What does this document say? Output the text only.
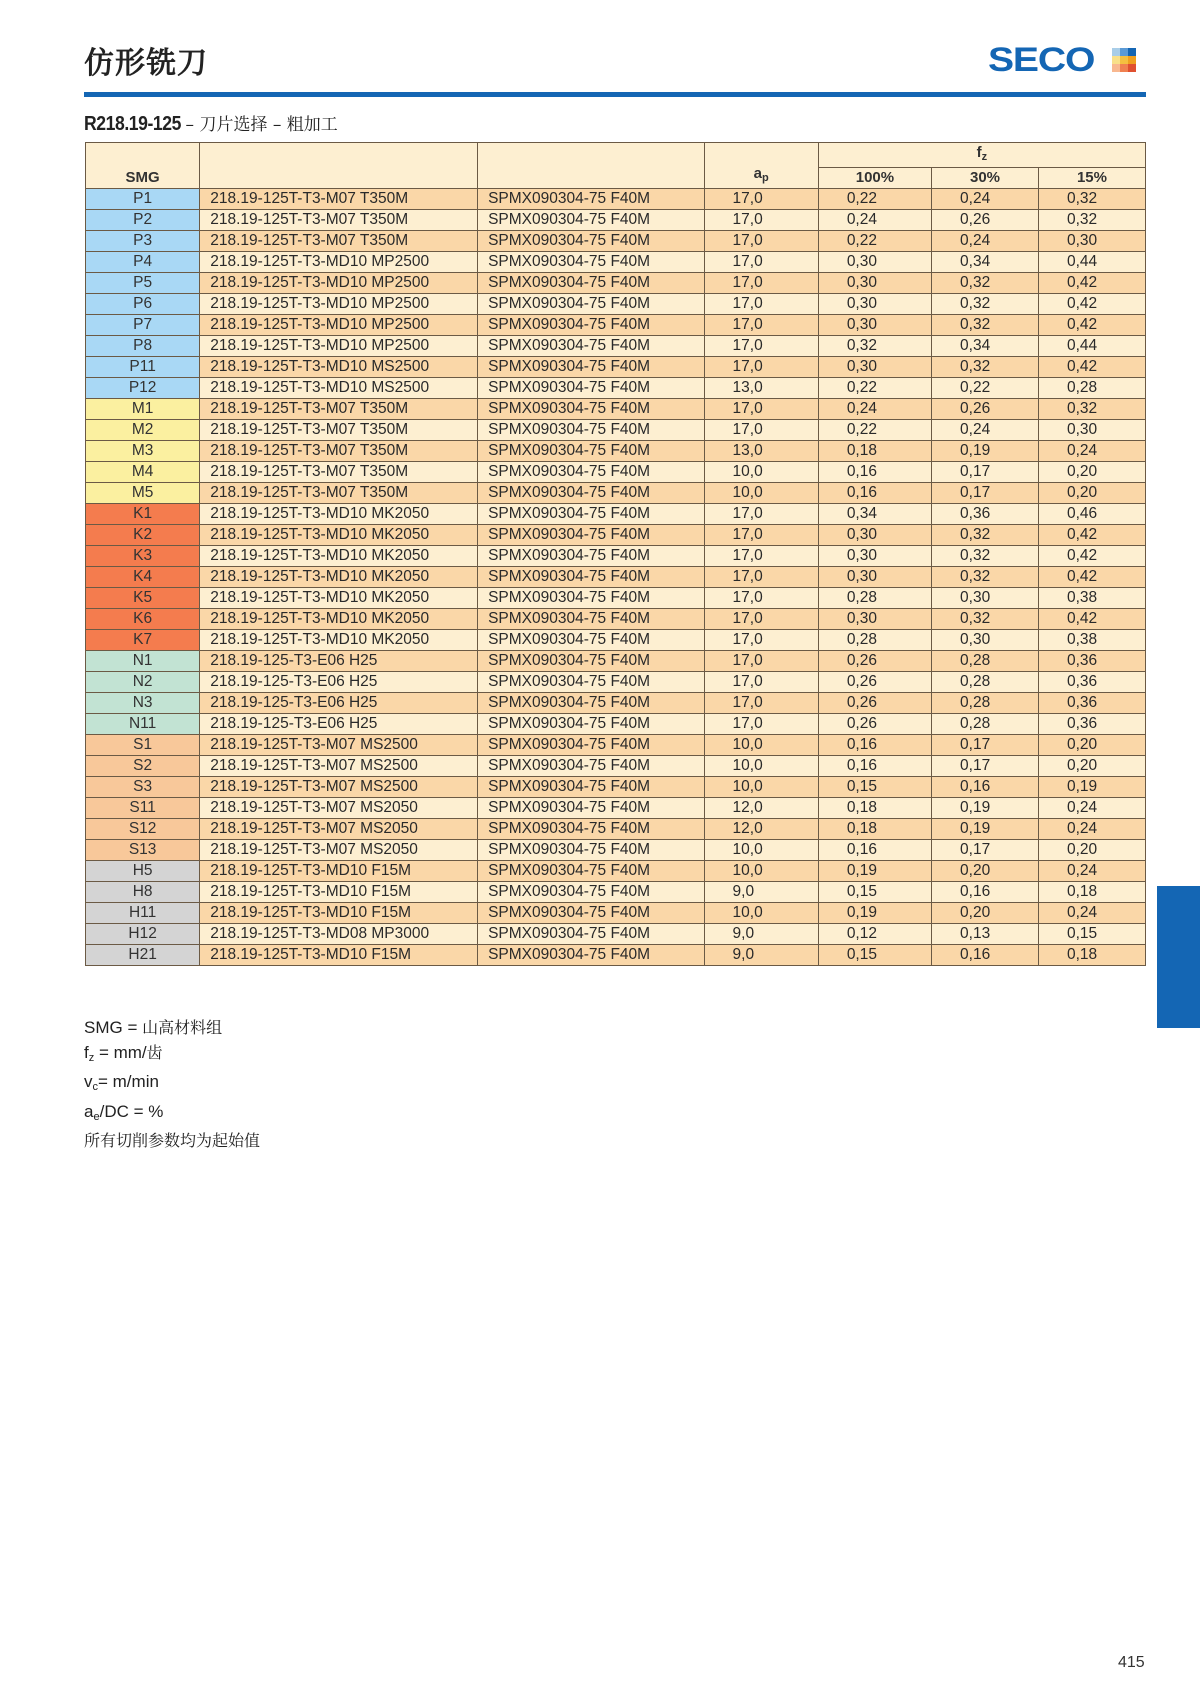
仿形铣刀	SECO
R218.19-125 – 刀片选择 – 粗加工
SMG			$a_p$	$f_z$
				100%	30%	15%
P1	218.19-125T-T3-M07 T350M	SPMX090304-75 F40M	17,0	0,22	0,24	0,32
P2	218.19-125T-T3-M07 T350M	SPMX090304-75 F40M	17,0	0,24	0,26	0,32
P3	218.19-125T-T3-M07 T350M	SPMX090304-75 F40M	17,0	0,22	0,24	0,30
P4	218.19-125T-T3-MD10 MP2500	SPMX090304-75 F40M	17,0	0,30	0,34	0,44
P5	218.19-125T-T3-MD10 MP2500	SPMX090304-75 F40M	17,0	0,30	0,32	0,42
P6	218.19-125T-T3-MD10 MP2500	SPMX090304-75 F40M	17,0	0,30	0,32	0,42
P7	218.19-125T-T3-MD10 MP2500	SPMX090304-75 F40M	17,0	0,30	0,32	0,42
P8	218.19-125T-T3-MD10 MP2500	SPMX090304-75 F40M	17,0	0,32	0,34	0,44
P11	218.19-125T-T3-MD10 MS2500	SPMX090304-75 F40M	17,0	0,30	0,32	0,42
P12	218.19-125T-T3-MD10 MS2500	SPMX090304-75 F40M	13,0	0,22	0,22	0,28
M1	218.19-125T-T3-M07 T350M	SPMX090304-75 F40M	17,0	0,24	0,26	0,32
M2	218.19-125T-T3-M07 T350M	SPMX090304-75 F40M	17,0	0,22	0,24	0,30
M3	218.19-125T-T3-M07 T350M	SPMX090304-75 F40M	13,0	0,18	0,19	0,24
M4	218.19-125T-T3-M07 T350M	SPMX090304-75 F40M	10,0	0,16	0,17	0,20
M5	218.19-125T-T3-M07 T350M	SPMX090304-75 F40M	10,0	0,16	0,17	0,20
K1	218.19-125T-T3-MD10 MK2050	SPMX090304-75 F40M	17,0	0,34	0,36	0,46
K2	218.19-125T-T3-MD10 MK2050	SPMX090304-75 F40M	17,0	0,30	0,32	0,42
K3	218.19-125T-T3-MD10 MK2050	SPMX090304-75 F40M	17,0	0,30	0,32	0,42
K4	218.19-125T-T3-MD10 MK2050	SPMX090304-75 F40M	17,0	0,30	0,32	0,42
K5	218.19-125T-T3-MD10 MK2050	SPMX090304-75 F40M	17,0	0,28	0,30	0,38
K6	218.19-125T-T3-MD10 MK2050	SPMX090304-75 F40M	17,0	0,30	0,32	0,42
K7	218.19-125T-T3-MD10 MK2050	SPMX090304-75 F40M	17,0	0,28	0,30	0,38
N1	218.19-125-T3-E06 H25	SPMX090304-75 F40M	17,0	0,26	0,28	0,36
N2	218.19-125-T3-E06 H25	SPMX090304-75 F40M	17,0	0,26	0,28	0,36
N3	218.19-125-T3-E06 H25	SPMX090304-75 F40M	17,0	0,26	0,28	0,36
N11	218.19-125-T3-E06 H25	SPMX090304-75 F40M	17,0	0,26	0,28	0,36
S1	218.19-125T-T3-M07 MS2500	SPMX090304-75 F40M	10,0	0,16	0,17	0,20
S2	218.19-125T-T3-M07 MS2500	SPMX090304-75 F40M	10,0	0,16	0,17	0,20
S3	218.19-125T-T3-M07 MS2500	SPMX090304-75 F40M	10,0	0,15	0,16	0,19
S11	218.19-125T-T3-M07 MS2050	SPMX090304-75 F40M	12,0	0,18	0,19	0,24
S12	218.19-125T-T3-M07 MS2050	SPMX090304-75 F40M	12,0	0,18	0,19	0,24
S13	218.19-125T-T3-M07 MS2050	SPMX090304-75 F40M	10,0	0,16	0,17	0,20
H5	218.19-125T-T3-MD10 F15M	SPMX090304-75 F40M	10,0	0,19	0,20	0,24
H8	218.19-125T-T3-MD10 F15M	SPMX090304-75 F40M	9,0	0,15	0,16	0,18
H11	218.19-125T-T3-MD10 F15M	SPMX090304-75 F40M	10,0	0,19	0,20	0,24
H12	218.19-125T-T3-MD08 MP3000	SPMX090304-75 F40M	9,0	0,12	0,13	0,15
H21	218.19-125T-T3-MD10 F15M	SPMX090304-75 F40M	9,0	0,15	0,16	0,18
SMG = 山高材料组
$f_z = mm/$齿
$v_c= m/\min$
$a_e/DC$ = %
所有切削参数均为起始值
415
